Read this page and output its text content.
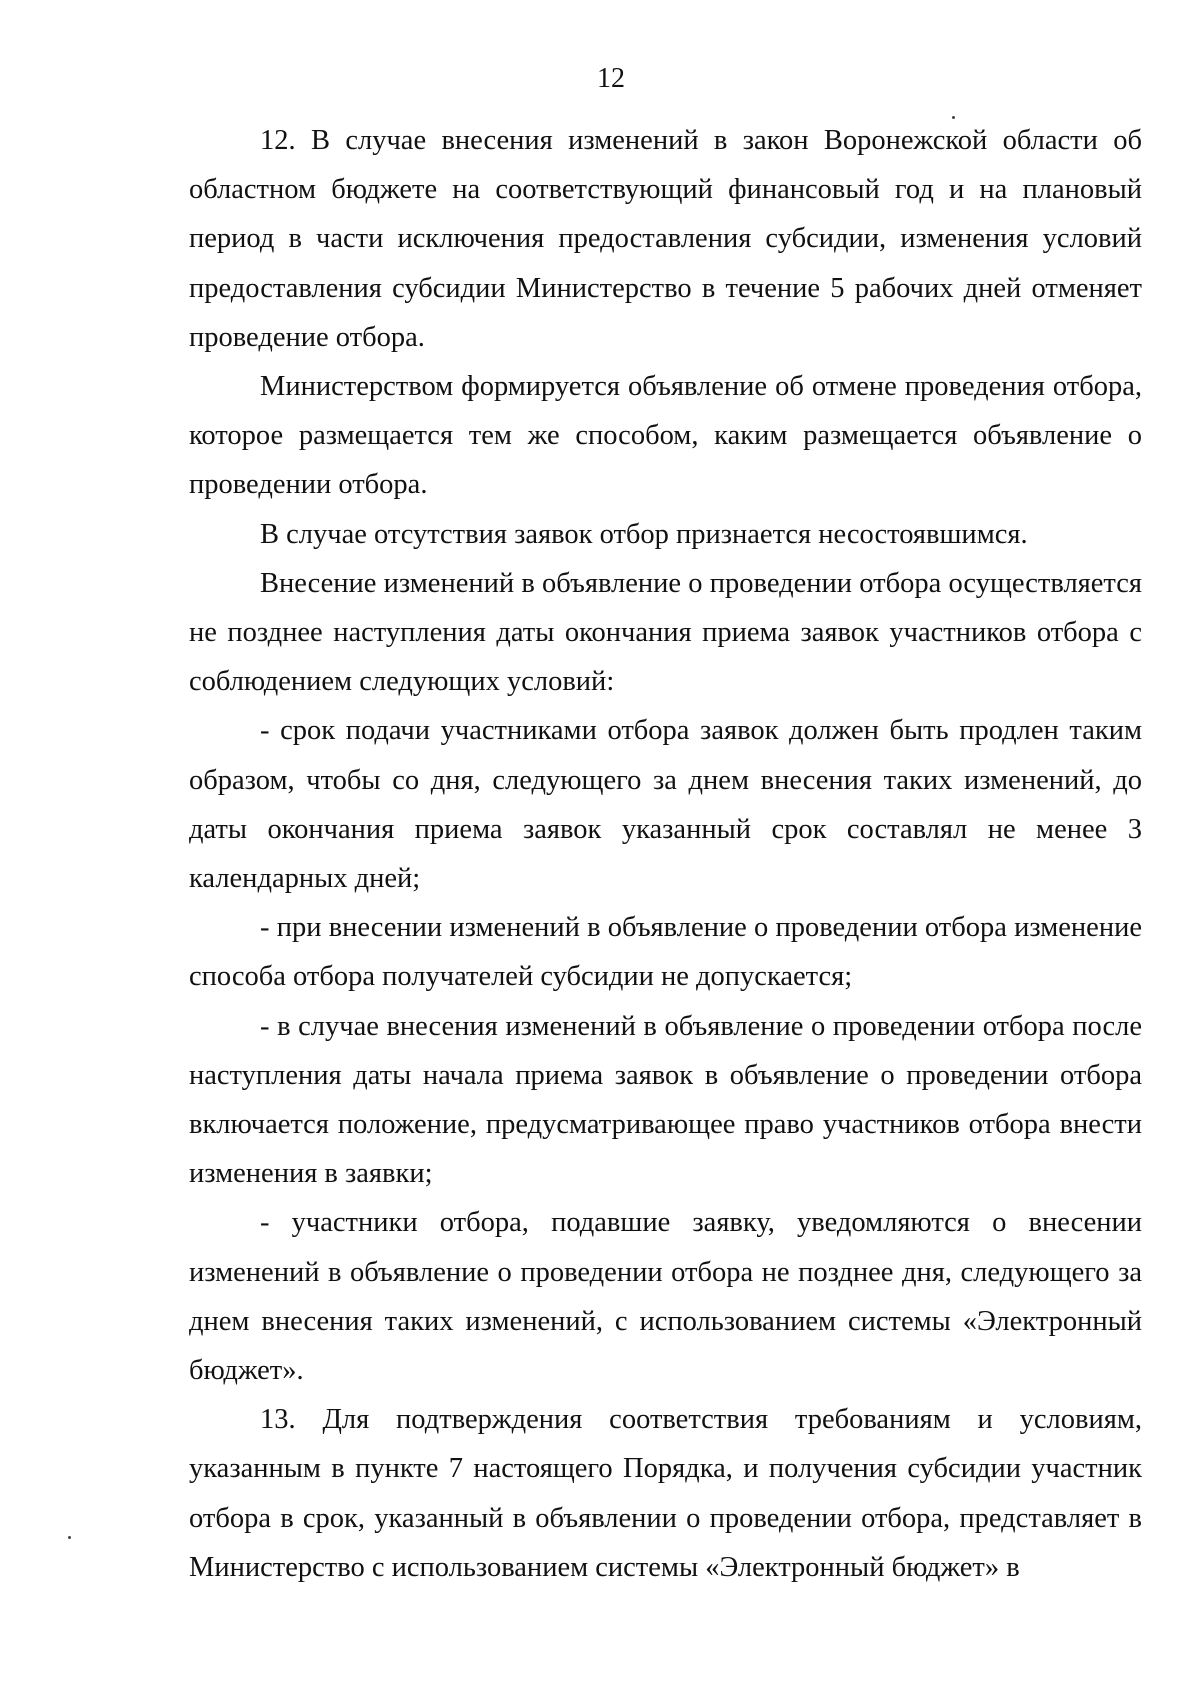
12

12. В случае внесения изменений в закон Воронежской области об областном бюджете на соответствующий финансовый год и на плановый период в части исключения предоставления субсидии, изменения условий предоставления субсидии Министерство в течение 5 рабочих дней отменяет проведение отбора.

Министерством формируется объявление об отмене проведения отбора, которое размещается тем же способом, каким размещается объявление о проведении отбора.

В случае отсутствия заявок отбор признается несостоявшимся.

Внесение изменений в объявление о проведении отбора осуществляется не позднее наступления даты окончания приема заявок участников отбора с соблюдением следующих условий:

- срок подачи участниками отбора заявок должен быть продлен таким образом, чтобы со дня, следующего за днем внесения таких изменений, до даты окончания приема заявок указанный срок составлял не менее 3 календарных дней;

- при внесении изменений в объявление о проведении отбора изменение способа отбора получателей субсидии не допускается;

- в случае внесения изменений в объявление о проведении отбора после наступления даты начала приема заявок в объявление о проведении отбора включается положение, предусматривающее право участников отбора внести изменения в заявки;

- участники отбора, подавшие заявку, уведомляются о внесении изменений в объявление о проведении отбора не позднее дня, следующего за днем внесения таких изменений, с использованием системы «Электронный бюджет».

13. Для подтверждения соответствия требованиям и условиям, указанным в пункте 7 настоящего Порядка, и получения субсидии участник отбора в срок, указанный в объявлении о проведении отбора, представляет в Министерство с использованием системы «Электронный бюджет» в
